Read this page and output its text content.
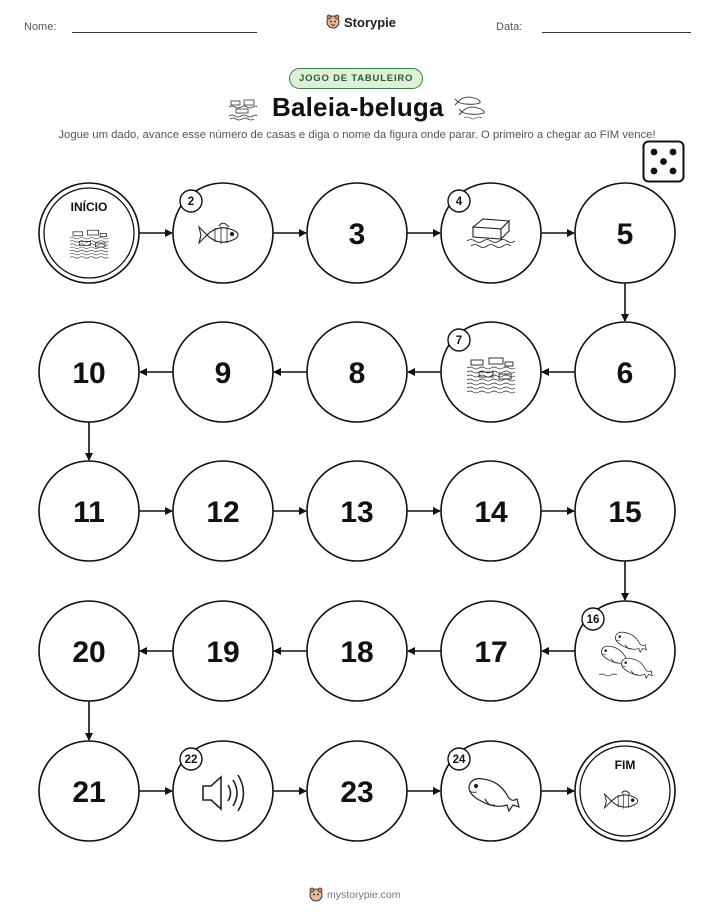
Nome:	Storypie	Data:
JOGO DE TABULEIRO
Baleia-beluga
Jogue um dado, avance esse número de casas e diga o nome da figura onde parar. O primeiro a chegar ao FIM vence!
INÍCIO	2
3
4
5
6
7
8
9
10
11	12	13	14	15
16
17
18
19
20
21
22
23
24	FIM
mystorypie.com
